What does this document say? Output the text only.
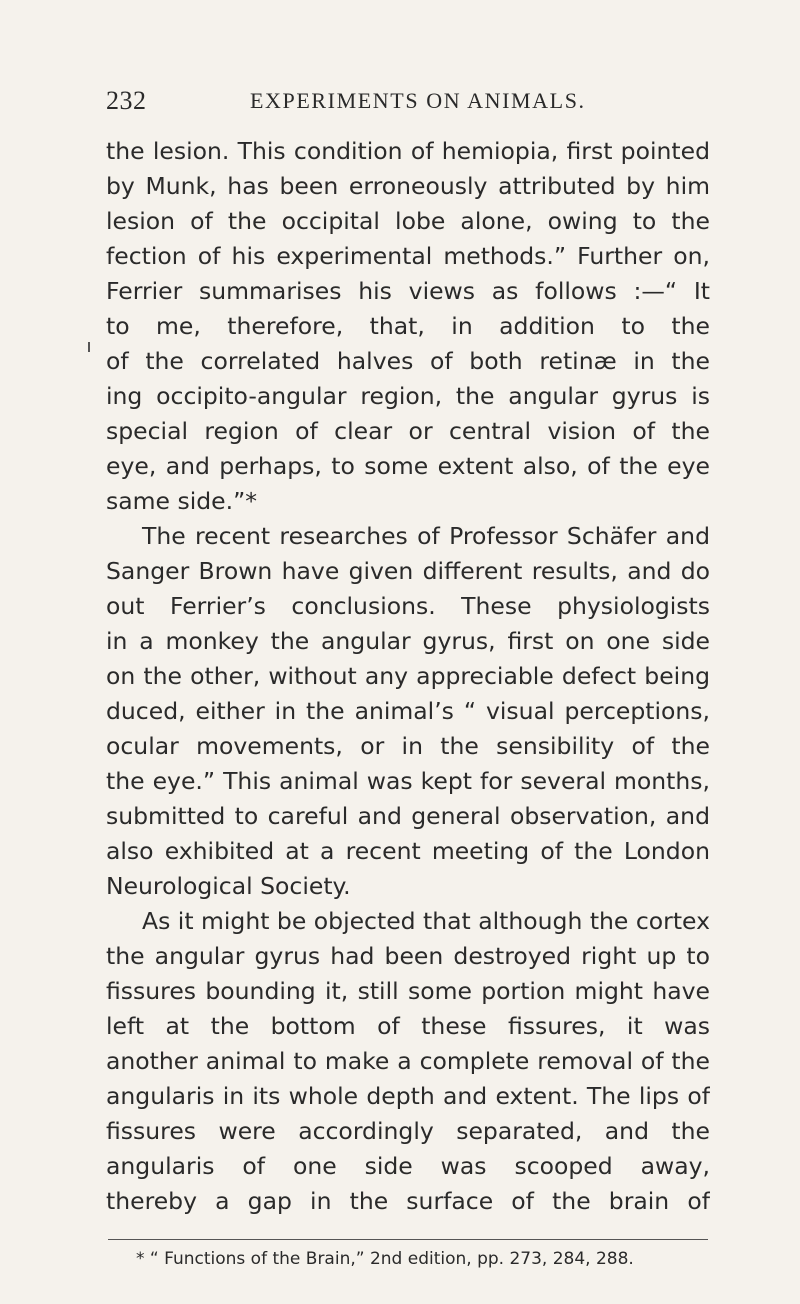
232	EXPERIMENTS ON ANIMALS.
the lesion. This condition of hemiopia, first pointed
by Munk, has been erroneously attributed by him
lesion of the occipital lobe alone, owing to the
fection of his experimental methods.” Further on,
Ferrier summarises his views as follows :—“ It
to me, therefore, that, in addition to the
of the correlated halves of both retinæ in the
ing occipito-angular region, the angular gyrus is
special region of clear or central vision of the
eye, and perhaps, to some extent also, of the eye
same side.”*
The recent researches of Professor Schäfer and
Sanger Brown have given different results, and do
out Ferrier’s conclusions. These physiologists
in a monkey the angular gyrus, first on one side
on the other, without any appreciable defect being
duced, either in the animal’s “ visual perceptions,
ocular movements, or in the sensibility of the
the eye.” This animal was kept for several months,
submitted to careful and general observation, and
also exhibited at a recent meeting of the London
Neurological Society.
As it might be objected that although the cortex
the angular gyrus had been destroyed right up to
fissures bounding it, still some portion might have
left at the bottom of these fissures, it was
another animal to make a complete removal of the
angularis in its whole depth and extent. The lips of
fissures were accordingly separated, and the
angularis of one side was scooped away,
thereby a gap in the surface of the brain of
* “ Functions of the Brain,” 2nd edition, pp. 273, 284, 288.
